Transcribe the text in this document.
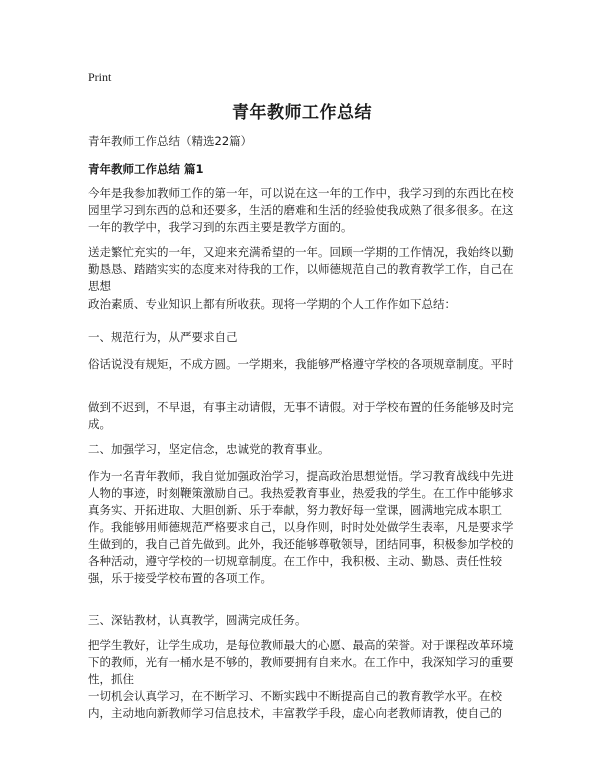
Print
青年教师工作总结
青年教师工作总结（精选22篇）
青年教师工作总结 篇1

今年是我参加教师工作的第一年，可以说在这一年的工作中，我学习到的东西比在校园里学习到东西的总和还要多，生活的磨难和生活的经验使我成熟了很多很多。在这一年的教学中，我学习到的东西主要是教学方面的。

送走繁忙充实的一年，又迎来充满希望的一年。回顾一学期的工作情况，我始终以勤勤恳恳、踏踏实实的态度来对待我的工作，以师德规范自己的教育教学工作，自己在思想

政治素质、专业知识上都有所收获。现将一学期的个人工作作如下总结：

一、规范行为，从严要求自己

俗话说没有规矩，不成方圆。一学期来，我能够严格遵守学校的各项规章制度。平时

做到不迟到，不早退，有事主动请假，无事不请假。对于学校布置的任务能够及时完成。

二、加强学习，坚定信念，忠诚党的教育事业。

作为一名青年教师，我自觉加强政治学习，提高政治思想觉悟。学习教育战线中先进人物的事迹，时刻鞭策激励自己。我热爱教育事业，热爱我的学生。在工作中能够求真务实、开拓进取、大胆创新、乐于奉献，努力教好每一堂课，圆满地完成本职工作。我能够用师德规范严格要求自己，以身作则，时时处处做学生表率，凡是要求学生做到的，我自己首先做到。此外，我还能够尊敬领导，团结同事，积极参加学校的各种活动，遵守学校的一切规章制度。在工作中，我积极、主动、勤恳、责任性较强，乐于接受学校布置的各项工作。

三、深钻教材，认真教学，圆满完成任务。

把学生教好，让学生成功，是每位教师最大的心愿、最高的荣誉。对于课程改革环境下的教师，光有一桶水是不够的，教师要拥有自来水。在工作中，我深知学习的重要性，抓住

一切机会认真学习，在不断学习、不断实践中不断提高自己的教育教学水平。在校内，主动地向新教师学习信息技术，丰富教学手段，虚心向老教师请教，使自己的
